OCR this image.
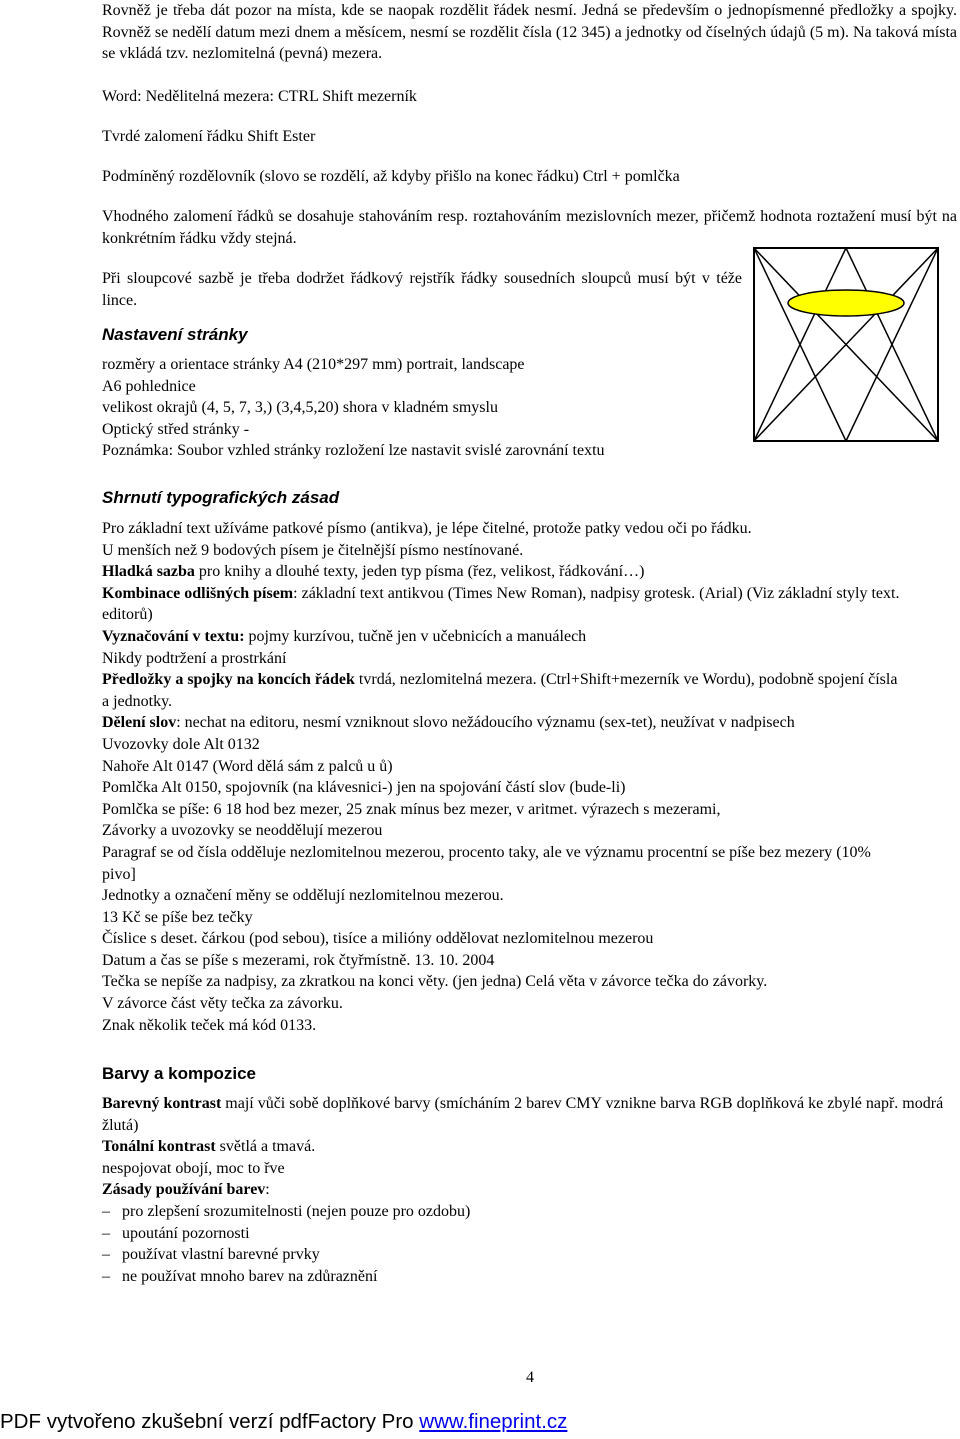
Rovněž je třeba dát pozor na místa, kde se naopak rozdělit řádek nesmí. Jedná se především o jednopísmenné předložky a spojky. Rovněž se nedělí datum mezi dnem a měsícem, nesmí se rozdělit čísla (12 345) a jednotky od číselných údajů (5 m). Na taková místa se vkládá tzv. nezlomitelná (pevná) mezera.

Word: Nedělitelná mezera: CTRL Shift mezerník

Tvrdé zalomení řádku Shift Ester

Podmíněný rozdělovník (slovo se rozdělí, až kdyby přišlo na konec řádku) Ctrl + pomlčka

Vhodného zalomení řádků se dosahuje stahováním resp. roztahováním mezislovních mezer, přičemž hodnota roztažení musí být na konkrétním řádku vždy stejná.

Při sloupcové sazbě je třeba dodržet řádkový rejstřík řádky sousedních sloupců musí být v téže lince.

Nastavení stránky
rozměry a orientace stránky A4 (210*297 mm) portrait, landscape
A6 pohlednice
velikost okrajů (4, 5, 7, 3,) (3,4,5,20) shora v kladném smyslu
Optický střed stránky -
Poznámka: Soubor vzhled stránky rozložení lze nastavit svislé zarovnání textu
Shrnutí typografických zásad
Pro základní text užíváme patkové písmo (antikva), je lépe čitelné, protože patky vedou oči po řádku.
U menších než 9 bodových písem je čitelnější písmo nestínované.
Hladká sazba pro knihy a dlouhé texty, jeden typ písma (řez, velikost, řádkování…)
Kombinace odlišných písem: základní text antikvou (Times New Roman), nadpisy grotesk. (Arial) (Viz základní styly text. editorů)
Vyznačování v textu: pojmy kurzívou, tučně jen v učebnicích a manuálech
Nikdy podtržení a prostrkání
Předložky a spojky na koncích řádek tvrdá, nezlomitelná mezera. (Ctrl+Shift+mezerník ve Wordu), podobně spojení čísla a jednotky.
Dělení slov: nechat na editoru, nesmí vzniknout slovo nežádoucího významu (sex-tet), neužívat v nadpisech
Uvozovky dole Alt 0132
Nahoře Alt 0147 (Word dělá sám z palců u ů)
Pomlčka Alt 0150, spojovník (na klávesnici-) jen na spojování částí slov (bude-li)
Pomlčka se píše: 6 18 hod bez mezer, 25 znak mínus bez mezer, v aritmet. výrazech s mezerami,
Závorky a uvozovky se neoddělují mezerou
Paragraf se od čísla odděluje nezlomitelnou mezerou, procento taky, ale ve významu procentní se píše bez mezery (10% pivo]
Jednotky a označení měny se oddělují nezlomitelnou mezerou.
13 Kč se píše bez tečky
Číslice s deset. čárkou (pod sebou), tisíce a milióny oddělovat nezlomitelnou mezerou
Datum a čas se píše s mezerami, rok čtyřmístně. 13. 10. 2004
Tečka se nepíše za nadpisy, za zkratkou na konci věty. (jen jedna) Celá věta v závorce tečka do závorky.
V závorce část věty tečka za závorku.
Znak několik teček má kód 0133.
Barvy a kompozice
Barevný kontrast mají vůči sobě doplňkové barvy (smícháním 2 barev CMY vznikne barva RGB doplňková ke zbylé např. modrá žlutá)
Tonální kontrast světlá a tmavá.
nespojovat obojí, moc to řve
Zásady používání barev:
– pro zlepšení srozumitelnosti (nejen pouze pro ozdobu)
– upoutání pozornosti
– používat vlastní barevné prvky
– ne používat mnoho barev na zdůraznění
4
PDF vytvořeno zkušební verzí pdfFactory Pro www.fineprint.cz
